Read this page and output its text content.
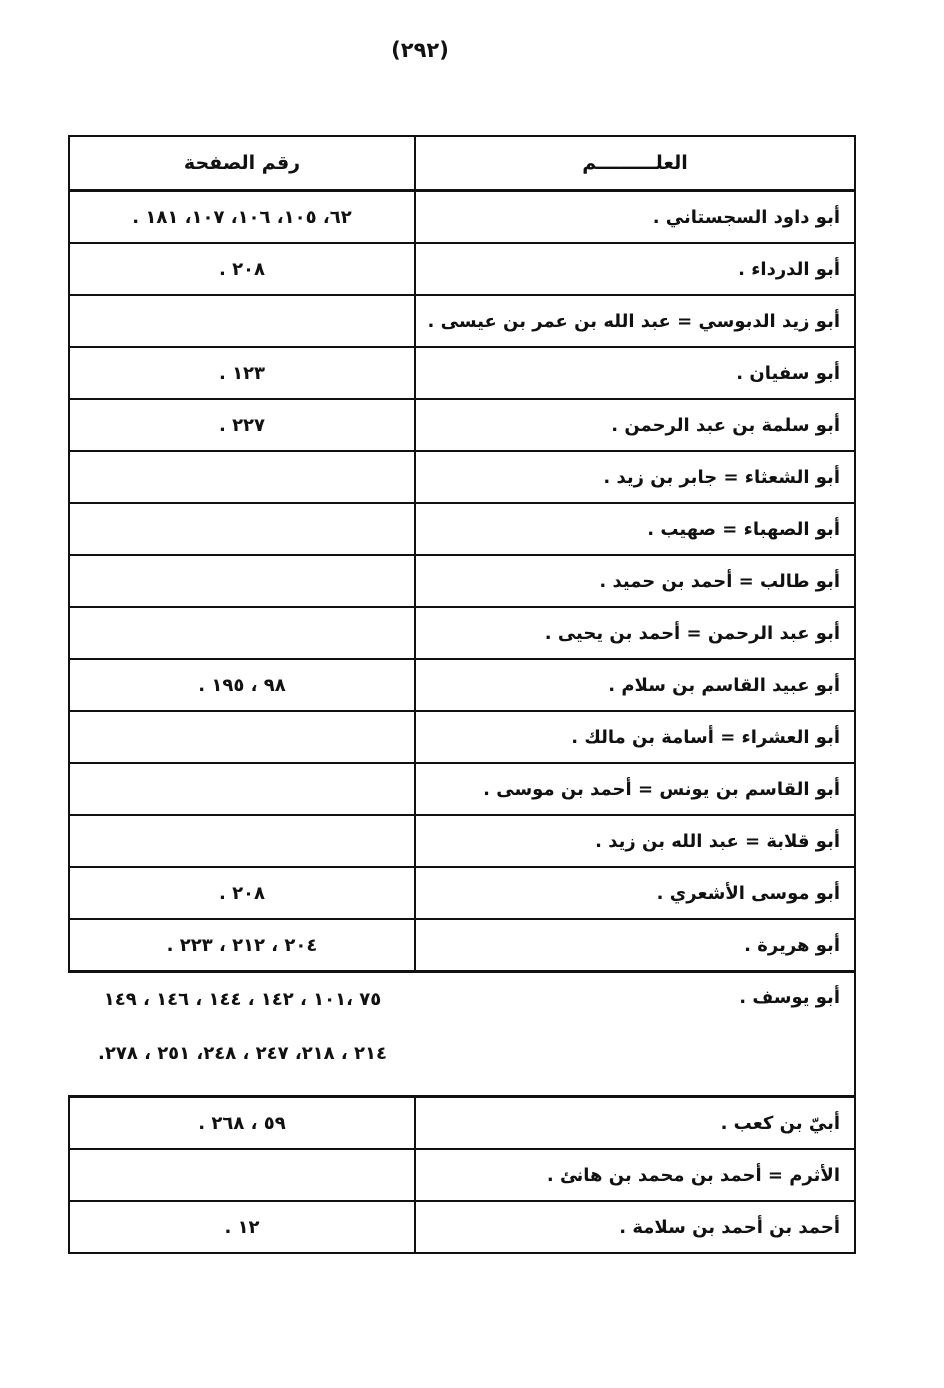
(٢٩٢)
العلـــــــــم	رقم الصفحة
أبو داود السجستاني .	٦٢، ١٠٥، ١٠٦، ١٠٧، ١٨١ .
أبو الدرداء .	٢٠٨ .
أبو زيد الدبوسي = عبد الله بن عمر بن عيسى .	
أبو سفيان .	١٢٣ .
أبو سلمة بن عبد الرحمن .	٢٢٧ .
أبو الشعثاء = جابر بن زيد .	
أبو الصهباء = صهيب .	
أبو طالب = أحمد بن حميد .	
أبو عبد الرحمن = أحمد بن يحيى .	
أبو عبيد القاسم بن سلام .	٩٨ ، ١٩٥ .
أبو العشراء = أسامة بن مالك .	
أبو القاسم بن يونس = أحمد بن موسى .	
أبو قلابة = عبد الله بن زيد .	
أبو موسى الأشعري .	٢٠٨ .
أبو هريرة .	٢٠٤ ، ٢١٢ ، ٢٢٣ .
أبو يوسف .	٧٥ ،١٠١ ، ١٤٢ ، ١٤٤ ، ١٤٦ ، ١٤٩
٢١٤ ، ٢١٨، ٢٤٧ ، ٢٤٨، ٢٥١ ، ٢٧٨.

أبيّ بن كعب .	٥٩ ، ٢٦٨ .
الأثرم = أحمد بن محمد بن هانئ .	
أحمد بن أحمد بن سلامة .	١٢ .
